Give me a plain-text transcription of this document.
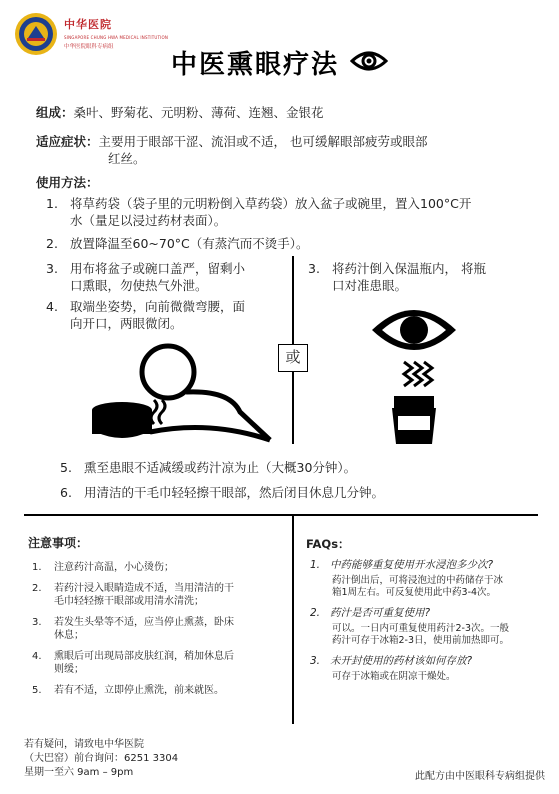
中华医院
SINGAPORE CHUNG HWA MEDICAL INSTITUTION
中华医院眼科专病组
中医熏眼疗法
组成：桑叶、野菊花、元明粉、薄荷、连翘、金银花
适应症状：主要用于眼部干涩、流泪或不适， 也可缓解眼部疲劳或眼部
红丝。
使用方法：
1. 将草药袋（袋子里的元明粉倒入草药袋）放入盆子或碗里，置入100°C开
水（量足以浸过药材表面）。
2. 放置降温至60~70°C（有蒸汽而不烫手）。
3. 用布将盆子或碗口盖严，留剩小
口熏眼，勿使热气外泄。
4. 取端坐姿势，向前微微弯腰，面
向开口，两眼微闭。
3. 将药汁倒入保温瓶内， 将瓶
口对准患眼。
或
5. 熏至患眼不适减缓或药汁凉为止（大概30分钟）。
6. 用清洁的干毛巾轻轻擦干眼部，然后闭目休息几分钟。
注意事项：
1. 注意药汁高温，小心烫伤；
2. 若药汁浸入眼睛造成不适，当用清洁的干
毛巾轻轻擦干眼部或用清水清洗；
3. 若发生头晕等不适，应当停止熏蒸，卧床
休息；
4. 熏眼后可出现局部皮肤红润，稍加休息后
则缓；
5. 若有不适，立即停止熏洗，前来就医。
FAQs：
1. 中药能够重复使用开水浸泡多少次?
药汁倒出后，可将浸泡过的中药储存于冰
箱1周左右。可反复使用此中药3-4次。
2. 药汁是否可重复使用?
可以。一日内可重复使用药汁2-3次。一般
药汁可存于冰箱2-3日，使用前加热即可。
3. 未开封使用的药材该如何存放?
可存于冰箱或在阴凉干燥处。
若有疑问，请致电中华医院
（大巴窑）前台询问：6251 3304
星期一至六 9am – 9pm	此配方由中医眼科专病组提供
